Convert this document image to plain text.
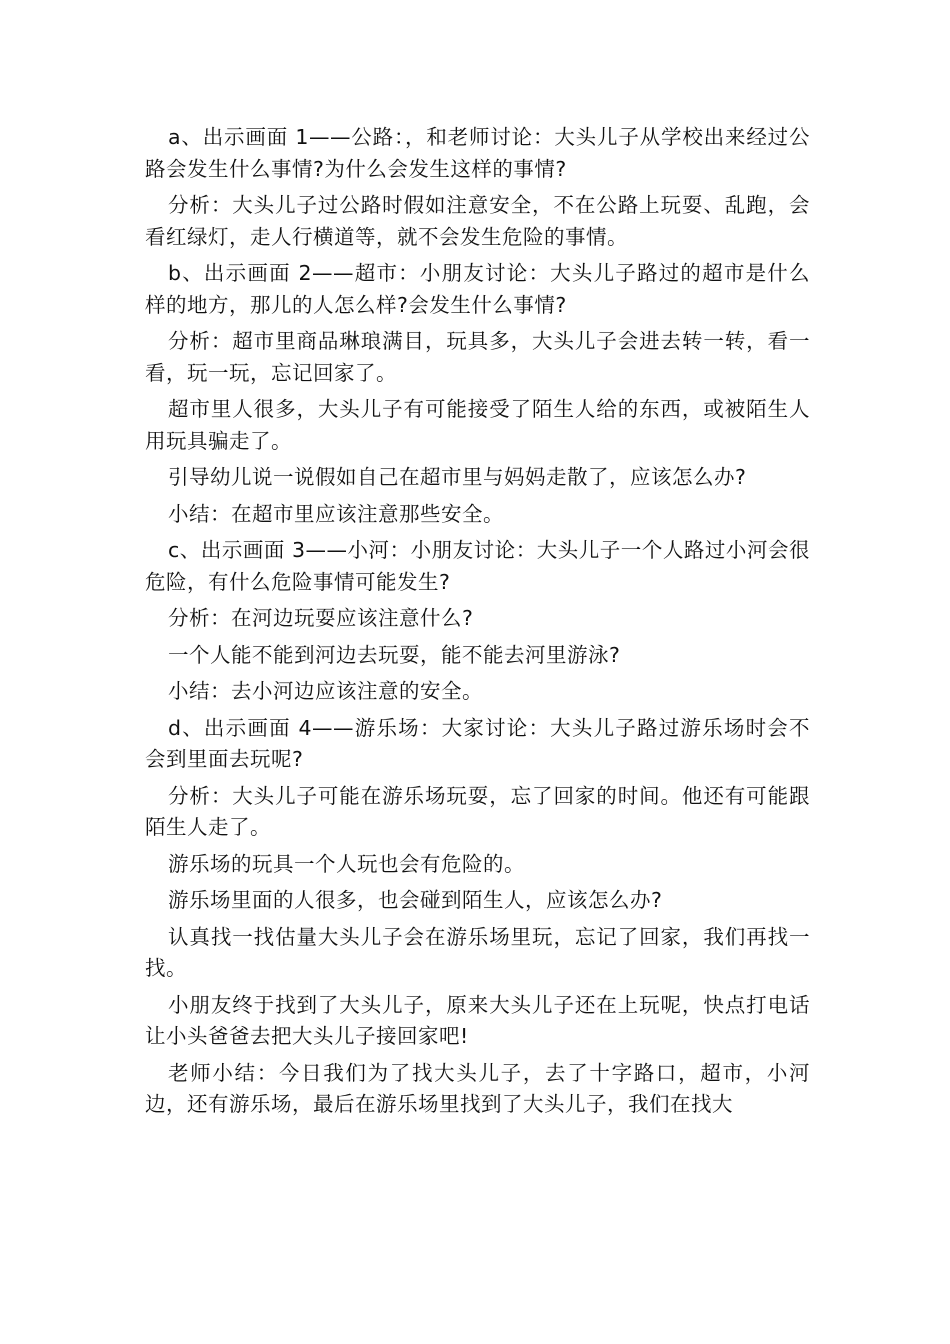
a、出示画面 1——公路：，和老师讨论：大头儿子从学校出来经过公路会发生什么事情?为什么会发生这样的事情?

分析：大头儿子过公路时假如注意安全，不在公路上玩耍、乱跑，会看红绿灯，走人行横道等，就不会发生危险的事情。

b、出示画面 2——超市：小朋友讨论：大头儿子路过的超市是什么样的地方，那儿的人怎么样?会发生什么事情?

分析：超市里商品琳琅满目，玩具多，大头儿子会进去转一转，看一看，玩一玩，忘记回家了。

超市里人很多，大头儿子有可能接受了陌生人给的东西，或被陌生人用玩具骗走了。

引导幼儿说一说假如自己在超市里与妈妈走散了，应该怎么办?

小结：在超市里应该注意那些安全。

c、出示画面 3——小河：小朋友讨论：大头儿子一个人路过小河会很危险，有什么危险事情可能发生?

分析：在河边玩耍应该注意什么?

一个人能不能到河边去玩耍，能不能去河里游泳?

小结：去小河边应该注意的安全。

d、出示画面 4——游乐场：大家讨论：大头儿子路过游乐场时会不会到里面去玩呢?

分析：大头儿子可能在游乐场玩耍，忘了回家的时间。他还有可能跟陌生人走了。

游乐场的玩具一个人玩也会有危险的。

游乐场里面的人很多，也会碰到陌生人，应该怎么办?

认真找一找估量大头儿子会在游乐场里玩，忘记了回家，我们再找一找。

小朋友终于找到了大头儿子，原来大头儿子还在上玩呢，快点打电话让小头爸爸去把大头儿子接回家吧!

老师小结：今日我们为了找大头儿子，去了十字路口，超市，小河边，还有游乐场，最后在游乐场里找到了大头儿子，我们在找大
